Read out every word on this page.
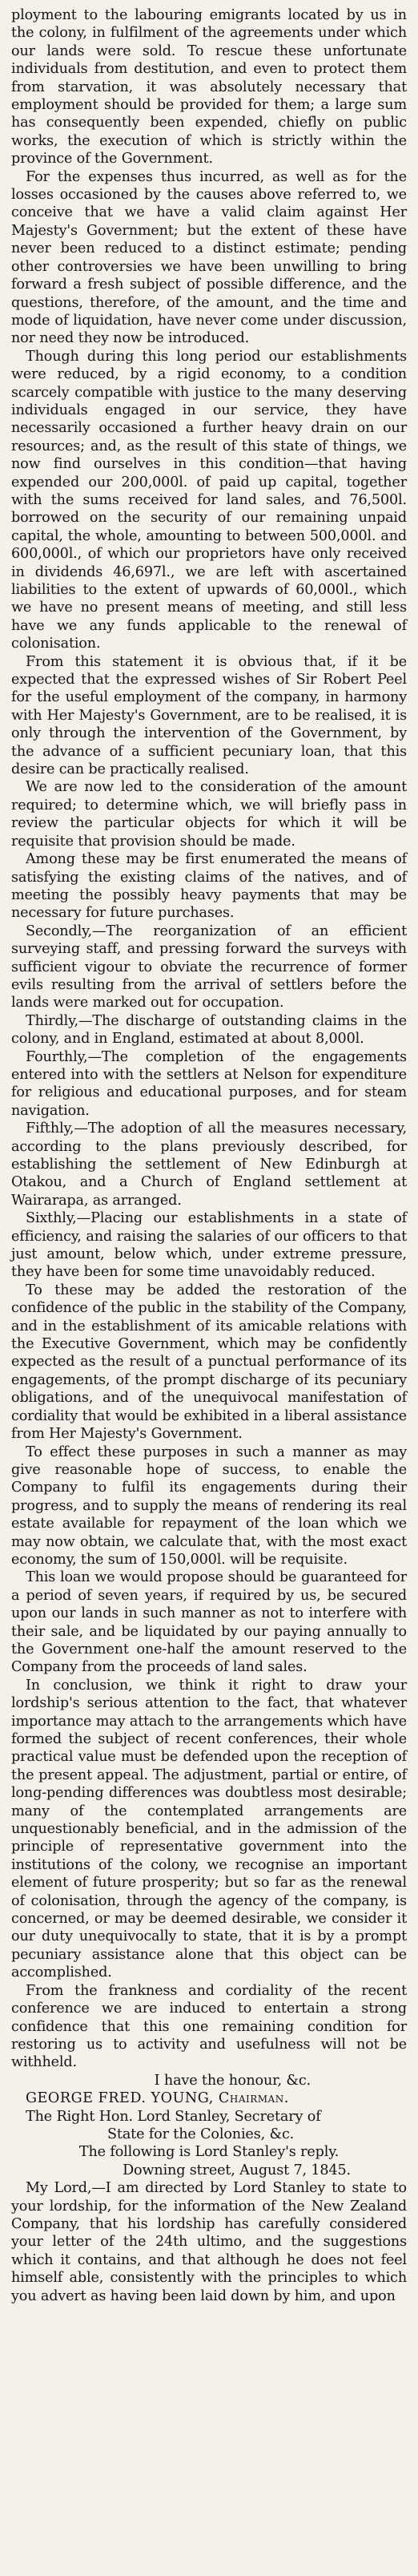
ployment to the labouring emigrants located by us in the colony, in fulfilment of the agreements under which our lands were sold. To rescue these unfortunate individuals from destitution, and even to protect them from starvation, it was absolutely necessary that employment should be provided for them; a large sum has consequently been expended, chiefly on public works, the execution of which is strictly within the province of the Government.

For the expenses thus incurred, as well as for the losses occasioned by the causes above referred to, we conceive that we have a valid claim against Her Majesty's Government; but the extent of these have never been reduced to a distinct estimate; pending other controversies we have been unwilling to bring forward a fresh subject of possible difference, and the questions, therefore, of the amount, and the time and mode of liquidation, have never come under discussion, nor need they now be introduced.

Though during this long period our establishments were reduced, by a rigid economy, to a condition scarcely compatible with justice to the many deserving individuals engaged in our service, they have necessarily occasioned a further heavy drain on our resources; and, as the result of this state of things, we now find ourselves in this condition—that having expended our 200,000l. of paid up capital, together with the sums received for land sales, and 76,500l. borrowed on the security of our remaining unpaid capital, the whole, amounting to between 500,000l. and 600,000l., of which our proprietors have only received in dividends 46,697l., we are left with ascertained liabilities to the extent of upwards of 60,000l., which we have no present means of meeting, and still less have we any funds applicable to the renewal of colonisation.

From this statement it is obvious that, if it be expected that the expressed wishes of Sir Robert Peel for the useful employment of the company, in harmony with Her Majesty's Government, are to be realised, it is only through the intervention of the Government, by the advance of a sufficient pecuniary loan, that this desire can be practically realised.

We are now led to the consideration of the amount required; to determine which, we will briefly pass in review the particular objects for which it will be requisite that provision should be made.

Among these may be first enumerated the means of satisfying the existing claims of the natives, and of meeting the possibly heavy payments that may be necessary for future purchases.

Secondly,—The reorganization of an efficient surveying staff, and pressing forward the surveys with sufficient vigour to obviate the recurrence of former evils resulting from the arrival of settlers before the lands were marked out for occupation.

Thirdly,—The discharge of outstanding claims in the colony, and in England, estimated at about 8,000l.

Fourthly,—The completion of the engagements entered into with the settlers at Nelson for expenditure for religious and educational purposes, and for steam navigation.

Fifthly,—The adoption of all the measures necessary, according to the plans previously described, for establishing the settlement of New Edinburgh at Otakou, and a Church of England settlement at Wairarapa, as arranged.

Sixthly,—Placing our establishments in a state of efficiency, and raising the salaries of our officers to that just amount, below which, under extreme pressure, they have been for some time unavoidably reduced.

To these may be added the restoration of the confidence of the public in the stability of the Company, and in the establishment of its amicable relations with the Executive Government, which may be confidently expected as the result of a punctual performance of its engagements, of the prompt discharge of its pecuniary obligations, and of the unequivocal manifestation of cordiality that would be exhibited in a liberal assistance from Her Majesty's Government.

To effect these purposes in such a manner as may give reasonable hope of success, to enable the Company to fulfil its engagements during their progress, and to supply the means of rendering its real estate available for repayment of the loan which we may now obtain, we calculate that, with the most exact economy, the sum of 150,000l. will be requisite.

This loan we would propose should be guaranteed for a period of seven years, if required by us, be secured upon our lands in such manner as not to interfere with their sale, and be liquidated by our paying annually to the Government one-half the amount reserved to the Company from the proceeds of land sales.

In conclusion, we think it right to draw your lordship's serious attention to the fact, that whatever importance may attach to the arrangements which have formed the subject of recent conferences, their whole practical value must be defended upon the reception of the present appeal. The adjustment, partial or entire, of long-pending differences was doubtless most desirable; many of the contemplated arrangements are unquestionably beneficial, and in the admission of the principle of representative government into the institutions of the colony, we recognise an important element of future prosperity; but so far as the renewal of colonisation, through the agency of the company, is concerned, or may be deemed desirable, we consider it our duty unequivocally to state, that it is by a prompt pecuniary assistance alone that this object can be accomplished.

From the frankness and cordiality of the recent conference we are induced to entertain a strong confidence that this one remaining condition for restoring us to activity and usefulness will not be withheld.

I have the honour, &c.

GEORGE FRED. YOUNG, Chairman.

The Right Hon. Lord Stanley, Secretary of

State for the Colonies, &c.

The following is Lord Stanley's reply.

Downing street, August 7, 1845.

My Lord,—I am directed by Lord Stanley to state to your lordship, for the information of the New Zealand Company, that his lordship has carefully considered your letter of the 24th ultimo, and the suggestions which it contains, and that although he does not feel himself able, consistently with the principles to which you advert as having been laid down by him, and upon
